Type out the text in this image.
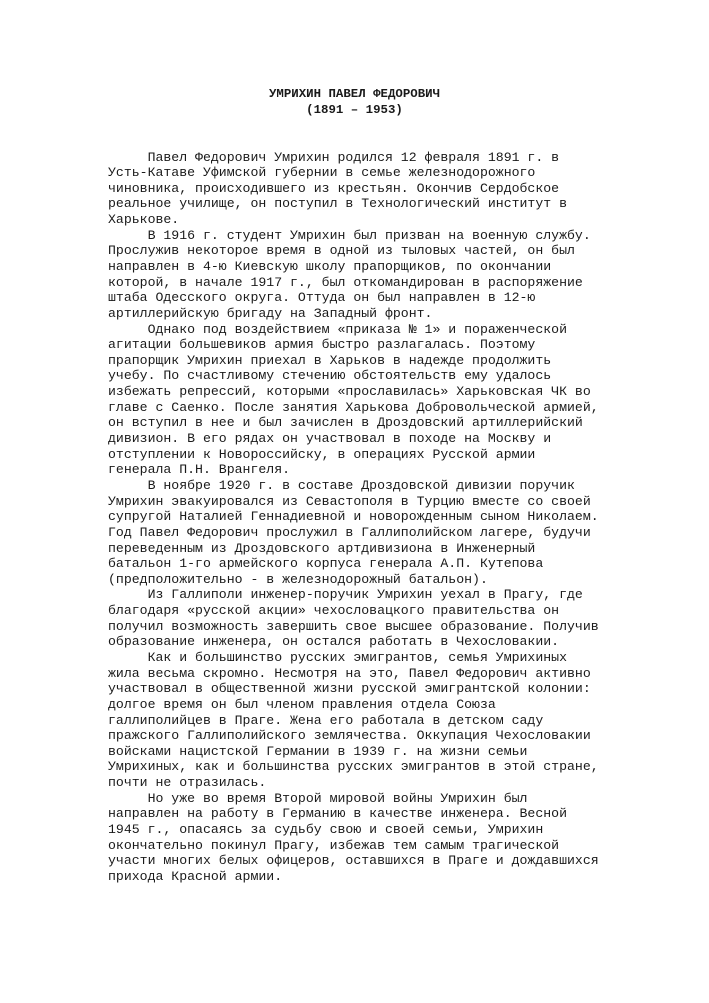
УМРИХИН ПАВЕЛ ФЕДОРОВИЧ
(1891 – 1953)
Павел Федорович Умрихин родился 12 февраля 1891 г. в
Усть-Катаве Уфимской губернии в семье железнодорожного
чиновника, происходившего из крестьян. Окончив Сердобское
реальное училище, он поступил в Технологический институт в
Харькове.
В 1916 г. студент Умрихин был призван на военную службу.
Прослужив некоторое время в одной из тыловых частей, он был
направлен в 4-ю Киевскую школу прапорщиков, по окончании
которой, в начале 1917 г., был откомандирован в распоряжение
штаба Одесского округа. Оттуда он был направлен в 12-ю
артиллерийскую бригаду на Западный фронт.
Однако под воздействием «приказа № 1» и пораженческой
агитации большевиков армия быстро разлагалась. Поэтому
прапорщик Умрихин приехал в Харьков в надежде продолжить
учебу. По счастливому стечению обстоятельств ему удалось
избежать репрессий, которыми «прославилась» Харьковская ЧК во
главе с Саенко. После занятия Харькова Добровольческой армией,
он вступил в нее и был зачислен в Дроздовский артиллерийский
дивизион. В его рядах он участвовал в походе на Москву и
отступлении к Новороссийску, в операциях Русской армии
генерала П.Н. Врангеля.
В ноябре 1920 г. в составе Дроздовской дивизии поручик
Умрихин эвакуировался из Севастополя в Турцию вместе со своей
супругой Наталией Геннадиевной и новорожденным сыном Николаем.
Год Павел Федорович прослужил в Галлиполийском лагере, будучи
переведенным из Дроздовского артдивизиона в Инженерный
батальон 1-го армейского корпуса генерала А.П. Кутепова
(предположительно - в железнодорожный батальон).
Из Галлиполи инженер-поручик Умрихин уехал в Прагу, где
благодаря «русской акции» чехословацкого правительства он
получил возможность завершить свое высшее образование. Получив
образование инженера, он остался работать в Чехословакии.
Как и большинство русских эмигрантов, семья Умрихиных
жила весьма скромно. Несмотря на это, Павел Федорович активно
участвовал в общественной жизни русской эмигрантской колонии:
долгое время он был членом правления отдела Союза
галлиполийцев в Праге. Жена его работала в детском саду
пражского Галлиполийского землячества. Оккупация Чехословакии
войсками нацистской Германии в 1939 г. на жизни семьи
Умрихиных, как и большинства русских эмигрантов в этой стране,
почти не отразилась.
Но уже во время Второй мировой войны Умрихин был
направлен на работу в Германию в качестве инженера. Весной
1945 г., опасаясь за судьбу свою и своей семьи, Умрихин
окончательно покинул Прагу, избежав тем самым трагической
участи многих белых офицеров, оставшихся в Праге и дождавшихся
прихода Красной армии.
